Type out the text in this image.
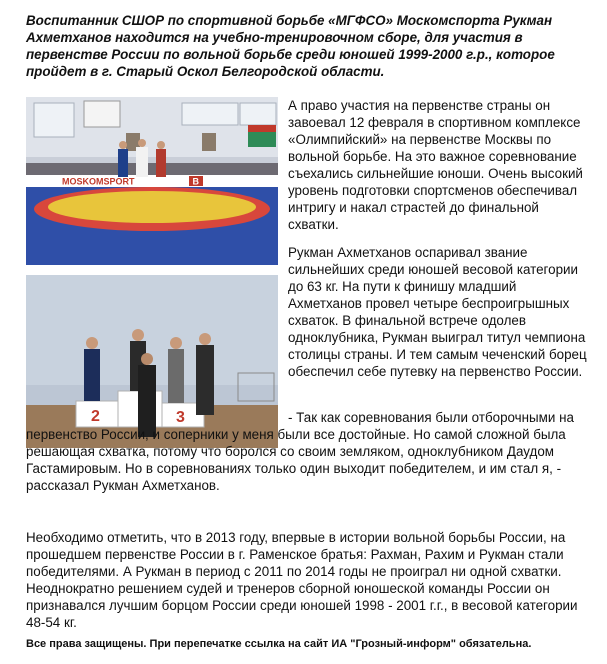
Воспитанник СШОР по спортивной борьбе «МГФСО» Москомспорта Рукман Ахметханов находится на учебно-тренировочном сборе, для участия в первенстве России по вольной борьбе среди юношей 1999-2000 г.р., которое пройдет в г. Старый Оскол Белгородской области.

MOSKOMSPORT	B
2	3

А право участия на первенстве страны он завоевал 12 февраля в спортивном комплексе «Олимпийский» на первенстве Москвы по вольной борьбе. На это важное соревнование съехались сильнейшие юноши. Очень высокий уровень подготовки спортсменов обеспечивал интригу и накал страстей до финальной схватки.

Рукман Ахметханов оспаривал звание сильнейших среди юношей весовой категории до 63 кг. На пути к финишу младший Ахметханов провел четыре беспроигрышных схваток. В финальной встрече одолев одноклубника, Рукман выиграл титул чемпиона столицы страны. И тем самым чеченский борец обеспечил себе путевку на первенство России.

- Так как соревнования были отборочными на первенство России, и соперники у меня были все достойные. Но самой сложной была решающая схватка, потому что боролся со своим земляком, одноклубником Даудом Гастамировым. Но в соревнованиях только один выходит победителем, и им стал я, - рассказал Рукман Ахметханов.

Необходимо отметить, что в 2013 году, впервые в истории вольной борьбы России, на прошедшем первенстве России в г. Раменское братья: Рахман, Рахим и Рукман стали победителями. А Рукман в период с 2011 по 2014 годы не проиграл ни одной схватки. Неоднократно решением судей и тренеров сборной юношеской команды России он признавался лучшим борцом России среди юношей 1998 - 2001 г.г., в весовой категории 48-54 кг.

Все права защищены. При перепечатке ссылка на сайт ИА "Грозный-информ" обязательна.
